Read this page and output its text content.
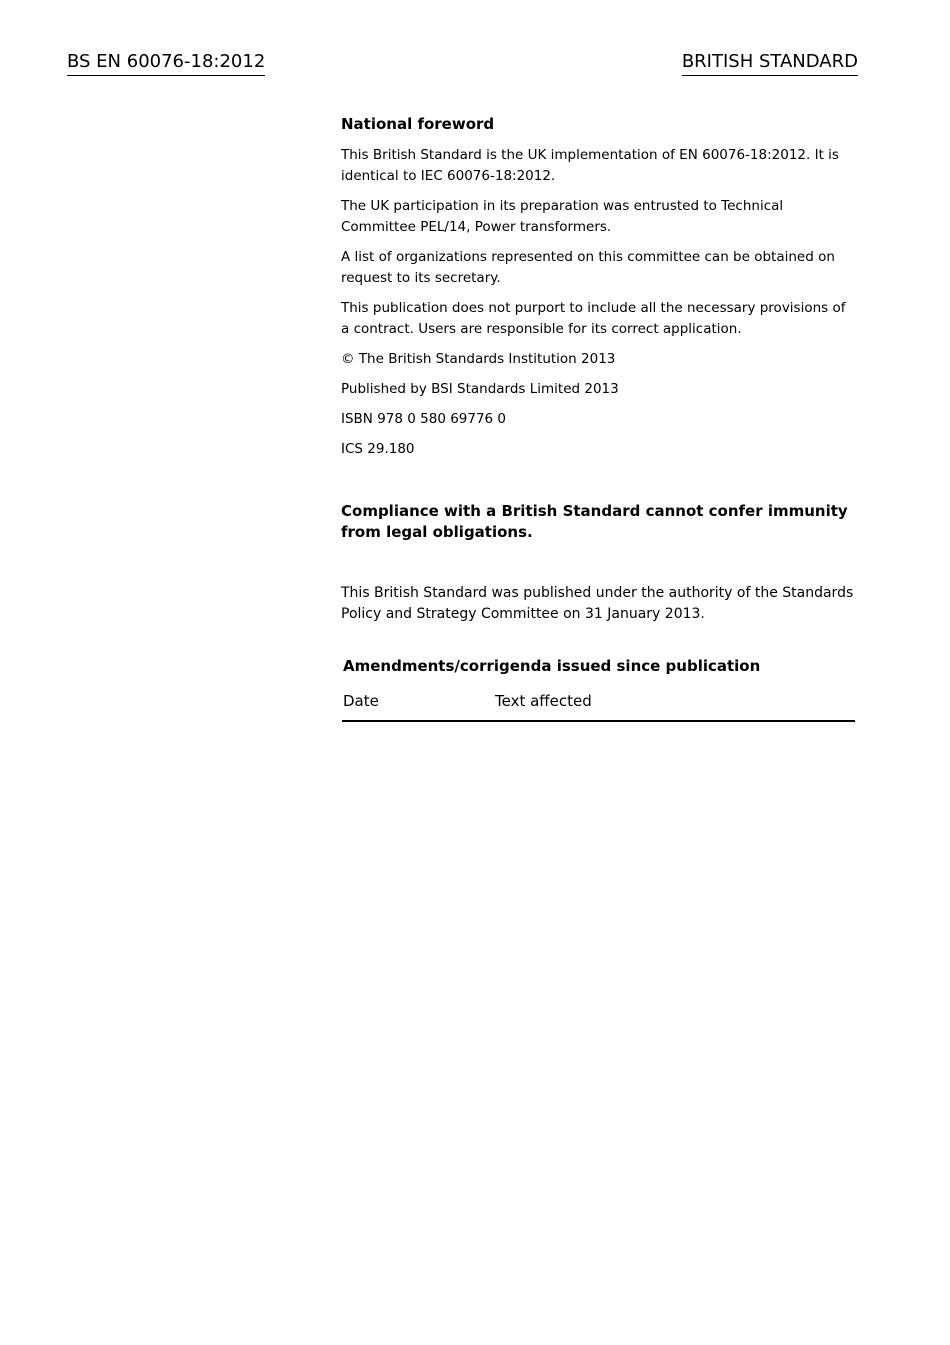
BS EN 60076-18:2012	BRITISH STANDARD
National foreword

This British Standard is the UK implementation of EN 60076-18:2012. It is identical to IEC 60076-18:2012.

The UK participation in its preparation was entrusted to Technical Committee PEL/14, Power transformers.

A list of organizations represented on this committee can be obtained on request to its secretary.

This publication does not purport to include all the necessary provisions of a contract. Users are responsible for its correct application.

© The British Standards Institution 2013

Published by BSI Standards Limited 2013

ISBN 978 0 580 69776 0

ICS 29.180

Compliance with a British Standard cannot confer immunity from legal obligations.

This British Standard was published under the authority of the Standards Policy and Strategy Committee on 31 January 2013.

Amendments/corrigenda issued since publication
Date	Text affected
